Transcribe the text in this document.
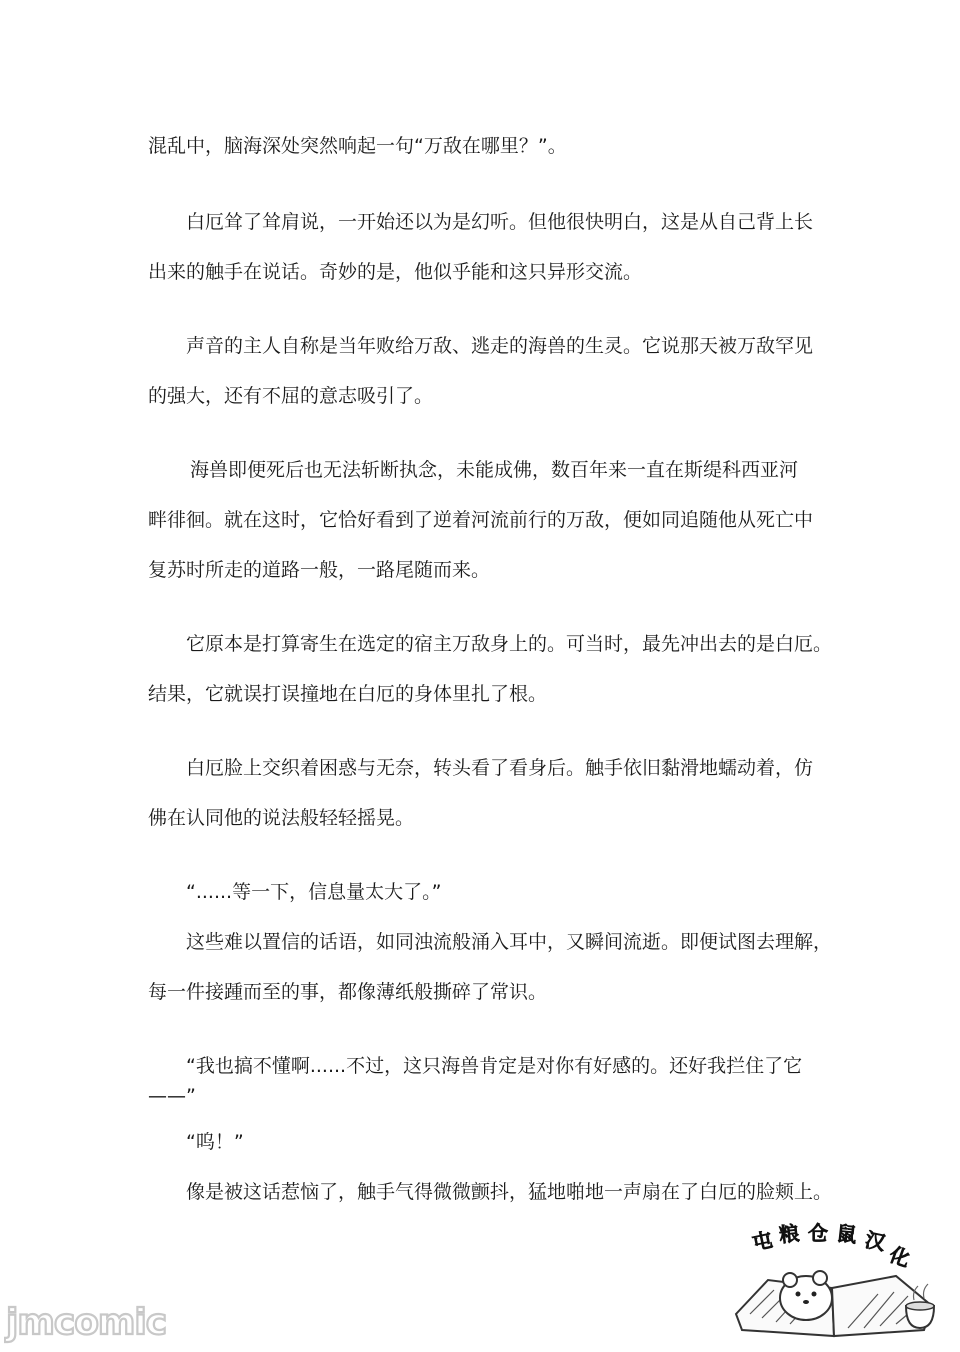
混乱中，脑海深处突然响起一句“万敌在哪里？”。
白厄耸了耸肩说，一开始还以为是幻听。但他很快明白，这是从自己背上长
出来的触手在说话。奇妙的是，他似乎能和这只异形交流。
声音的主人自称是当年败给万敌、逃走的海兽的生灵。它说那天被万敌罕见
的强大，还有不屈的意志吸引了。
海兽即便死后也无法斩断执念，未能成佛，数百年来一直在斯缇科西亚河
畔徘徊。就在这时，它恰好看到了逆着河流前行的万敌，便如同追随他从死亡中
复苏时所走的道路一般，一路尾随而来。
它原本是打算寄生在选定的宿主万敌身上的。可当时，最先冲出去的是白厄。
结果，它就误打误撞地在白厄的身体里扎了根。
白厄脸上交织着困惑与无奈，转头看了看身后。触手依旧黏滑地蠕动着，仿
佛在认同他的说法般轻轻摇晃。
“......等一下，信息量太大了。”
这些难以置信的话语，如同浊流般涌入耳中，又瞬间流逝。即便试图去理解，
每一件接踵而至的事，都像薄纸般撕碎了常识。
“我也搞不懂啊......不过，这只海兽肯定是对你有好感的。还好我拦住了它
——”
“呜！”
像是被这话惹恼了，触手气得微微颤抖，猛地啪地一声扇在了白厄的脸颊上。
屯 粮 仓 鼠 汉
化
jmcomic
